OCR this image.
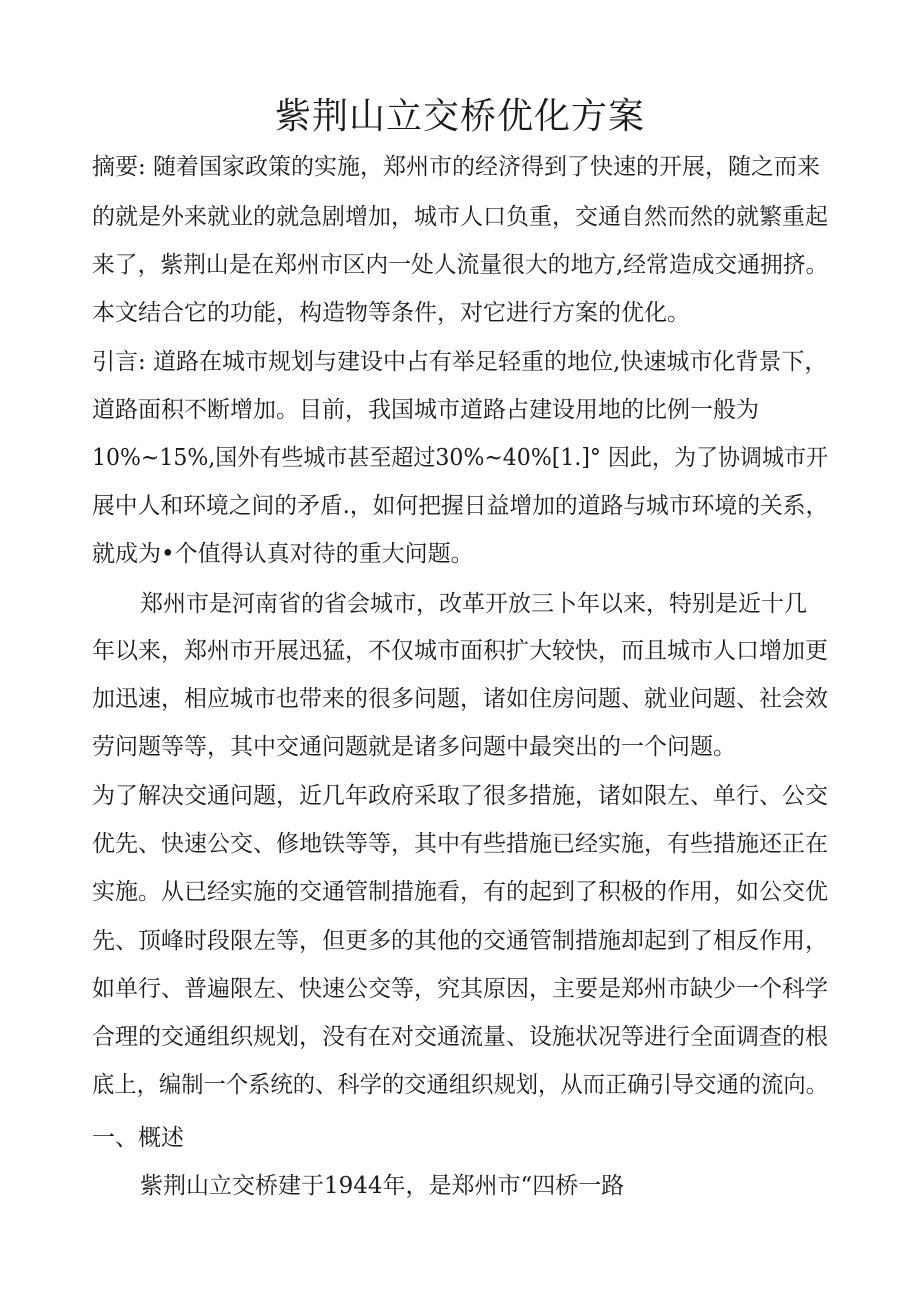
紫荆山立交桥优化方案
摘要: 随着国家政策的实施，郑州市的经济得到了快速的开展，随之而来
的就是外来就业的就急剧增加，城市人口负重，交通自然而然的就繁重起
来了，紫荆山是在郑州市区内一处人流量很大的地方,经常造成交通拥挤。
本文结合它的功能，构造物等条件，对它进行方案的优化。
引言: 道路在城市规划与建设中占有举足轻重的地位,快速城市化背景下，
道路面积不断增加。目前，我国城市道路占建设用地的比例一般为
10%~15%,国外有些城市甚至超过30%~40%[1.]° 因此，为了协调城市开
展中人和环境之间的矛盾.，如何把握日益增加的道路与城市环境的关系，
就成为•个值得认真对待的重大问题。
郑州市是河南省的省会城市，改革开放三卜年以来，特别是近十几
年以来，郑州市开展迅猛，不仅城市面积扩大较快，而且城市人口增加更
加迅速，相应城市也带来的很多问题，诸如住房问题、就业问题、社会效
劳问题等等，其中交通问题就是诸多问题中最突出的一个问题。
为了解决交通问题，近几年政府采取了很多措施，诸如限左、单行、公交
优先、快速公交、修地铁等等，其中有些措施已经实施，有些措施还正在
实施。从已经实施的交通管制措施看，有的起到了积极的作用，如公交优
先、顶峰时段限左等，但更多的其他的交通管制措施却起到了相反作用，
如单行、普遍限左、快速公交等，究其原因，主要是郑州市缺少一个科学
合理的交通组织规划，没有在对交通流量、设施状况等进行全面调查的根
底上，编制一个系统的、科学的交通组织规划，从而正确引导交通的流向。
一、概述
紫荆山立交桥建于1944年，是郑州市“四桥一路
